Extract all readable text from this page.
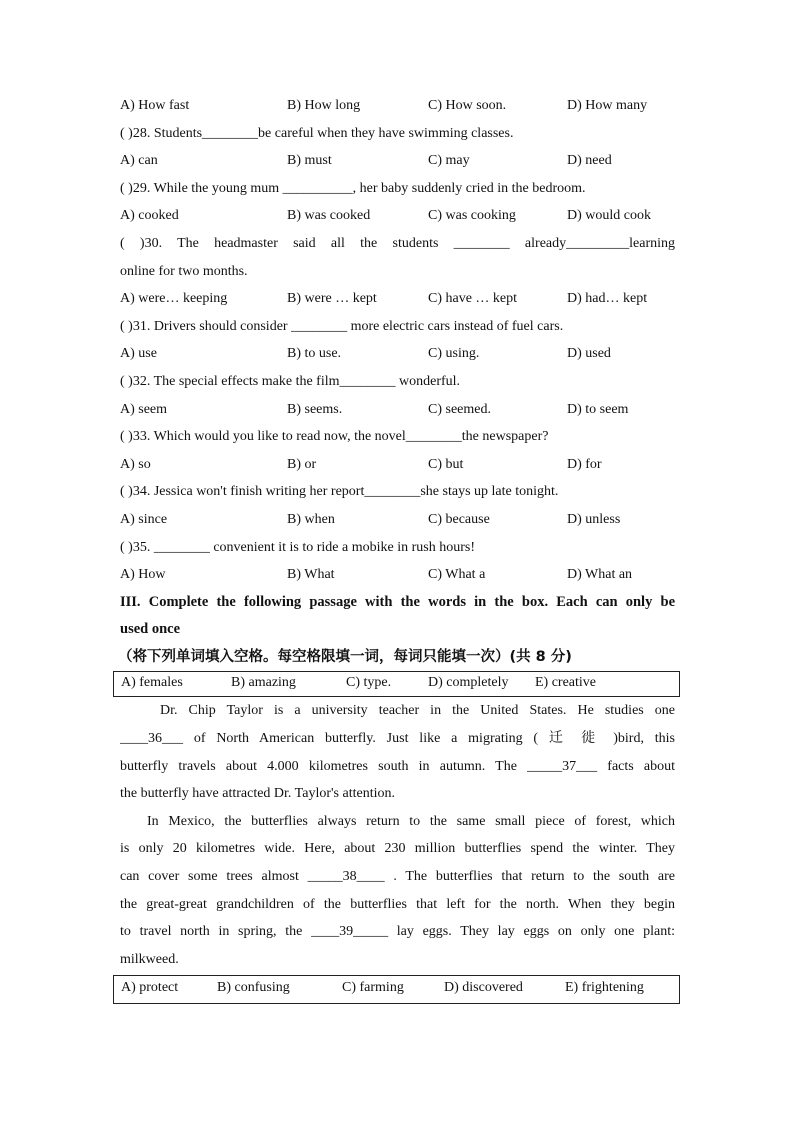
A) How fast	B) How long	C) How soon.	D) How many
( )28. Students________be careful when they have swimming classes.
A) can	B) must	C) may	D) need
( )29. While the young mum __________, her baby suddenly cried in the bedroom.
A) cooked	B) was cooked	C) was cooking	D) would cook
( )30. The headmaster said all the students ________ already_________learning
online for two months.
A) were… keeping	B) were … kept	C) have … kept	D) had… kept
( )31. Drivers should consider ________ more electric cars instead of fuel cars.
A) use	B) to use.	C) using.	D) used
( )32. The special effects make the film________ wonderful.
A) seem	B) seems.	C) seemed.	D) to seem
( )33. Which would you like to read now, the novel________the newspaper?
A) so	B) or	C) but	D) for
( )34. Jessica won't finish writing her report________she stays up late tonight.
A) since	B) when	C) because	D) unless
( )35. ________ convenient it is to ride a mobike in rush hours!
A) How	B) What	C) What a	D) What an
III. Complete the following passage with the words in the box. Each can only be
used once
（将下列单词填入空格。每空格限填一词，每词只能填一次）(共 8 分)
A) females	B) amazing	C) type.	D) completely E) creative
Dr. Chip Taylor is a university teacher in the United States. He studies one
____36___ of North American butterfly. Just like a migrating ( 迁 徙 )bird, this
butterfly travels about 4.000 kilometres south in autumn. The _____37___ facts about
the butterfly have attracted Dr. Taylor's attention.
In Mexico, the butterflies always return to the same small piece of forest, which
is only 20 kilometres wide. Here, about 230 million butterflies spend the winter. They
can cover some trees almost _____38____ . The butterflies that return to the south are
the great-great grandchildren of the butterflies that left for the north. When they begin
to travel north in spring, the ____39_____ lay eggs. They lay eggs on only one plant:
milkweed.
A) protect	B) confusing	C) farming	D) discovered	E) frightening
